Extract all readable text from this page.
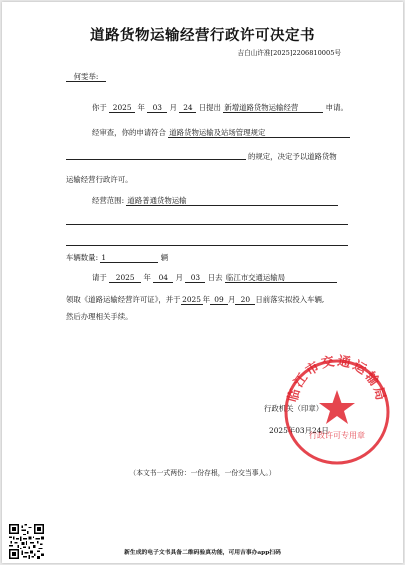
道路货物运输经营行政许可决定书
吉白山许准[2025]2206810005号
何雯举:
你于 2025 年 03 月 24 日提出 新增道路货物运输经营	申请。
经审查，你的申请符合 道路货物运输及站场管理规定
的规定，决定予以道路货物
运输经营行政许可。
经营范围: 道路普通货物运输
车辆数量: 1	辆
请于 2025 年 04 月 03 日去 临江市交通运输局
领取《道路运输经营许可证》，并于 2025 年 09 月 20 日前落实拟投入车辆,
然后办理相关手续。
行政机关（印章）
2025年03月24日
临江市交通运输局
行政许可专用章
（本文书一式两份：一份存根，一份交当事人。）
新生成的电子文书具备二维码验真功能，可用吉事办app扫码
